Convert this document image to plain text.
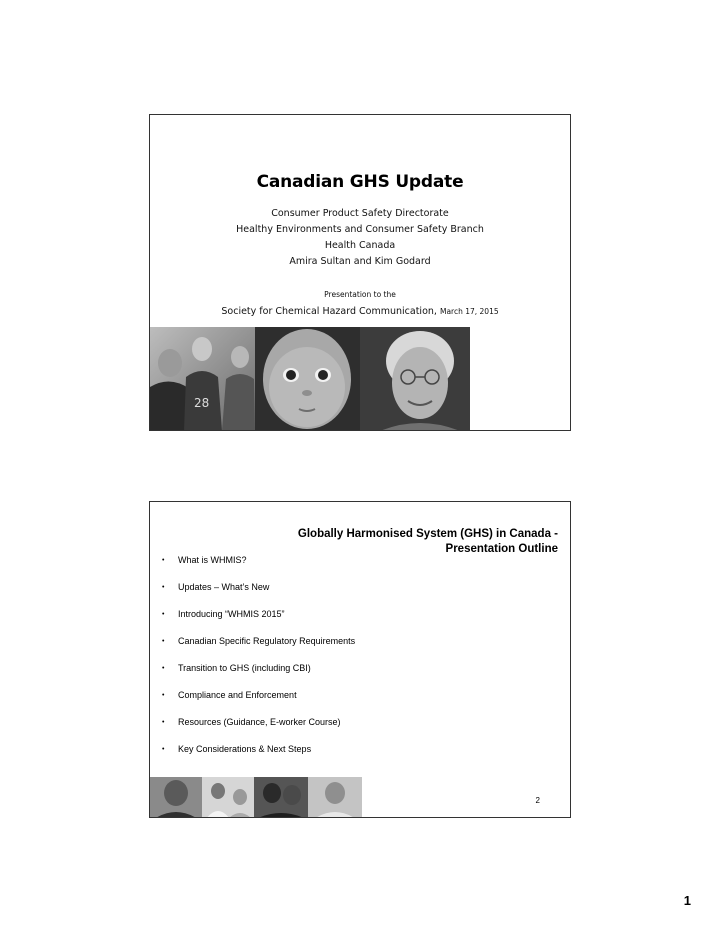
Canadian GHS Update
Consumer Product Safety Directorate
Healthy Environments and Consumer Safety Branch
Health Canada
Amira Sultan and Kim Godard
Presentation to the
Society for Chemical Hazard Communication, March 17, 2015
28
Globally Harmonised System (GHS) in Canada -
Presentation Outline
•	What is WHMIS?
•	Updates – What’s New
•	Introducing “WHMIS 2015”
•	Canadian Specific Regulatory Requirements
•	Transition to GHS (including CBI)
•	Compliance and Enforcement
•	Resources (Guidance, E-worker Course)
•	Key Considerations & Next Steps
2
1
